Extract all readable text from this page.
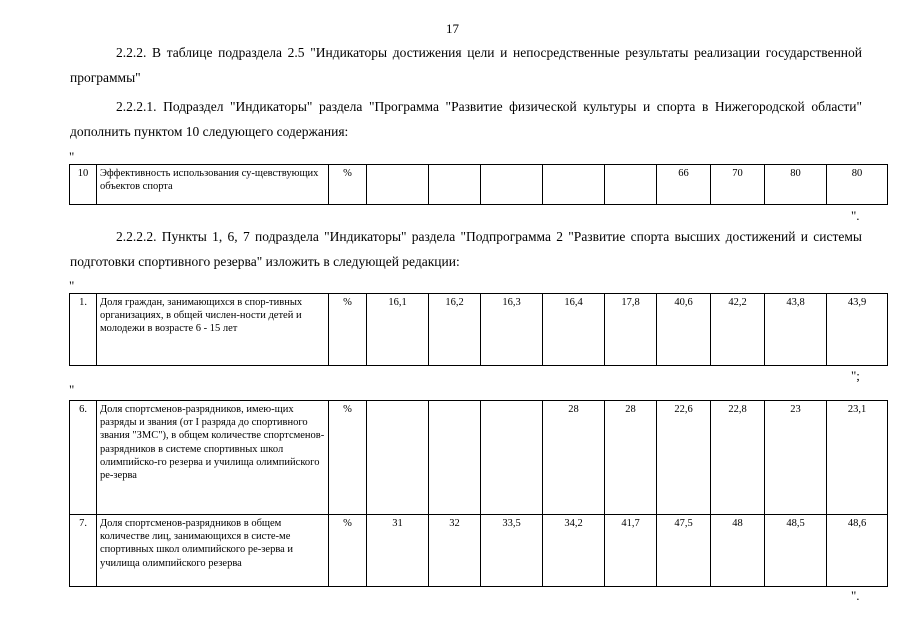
17
2.2.2. В таблице подраздела 2.5 "Индикаторы достижения цели и непосредственные результаты реализации государственной программы"
2.2.2.1. Подраздел "Индикаторы" раздела "Программа "Развитие физической культуры и спорта в Нижегородской области" дополнить пунктом 10 следующего содержания:
"
10	Эффективность использования су-щевствующих объектов спорта	%						66	70	80	80
".
2.2.2.2. Пункты 1, 6, 7 подраздела "Индикаторы" раздела "Подпрограмма 2 "Развитие спорта высших достижений и системы подготовки спортивного резерва" изложить в следующей редакции:
"
1.	Доля граждан, занимающихся в спор-тивных организациях, в общей числен-ности детей и молодежи в возрасте 6 - 15 лет	%	16,1	16,2	16,3	16,4	17,8	40,6	42,2	43,8	43,9
";
"
6.	Доля спортсменов-разрядников, имею-щих разряды и звания (от I разряда до спортивного звания "ЗМС"), в общем количестве спортсменов-разрядников в системе спортивных школ олимпийско-го резерва и училища олимпийского ре-зерва	%				28	28	22,6	22,8	23	23,1
7.	Доля спортсменов-разрядников в общем количестве лиц, занимающихся в систе-ме спортивных школ олимпийского ре-зерва и училища олимпийского резерва	%	31	32	33,5	34,2	41,7	47,5	48	48,5	48,6
".
